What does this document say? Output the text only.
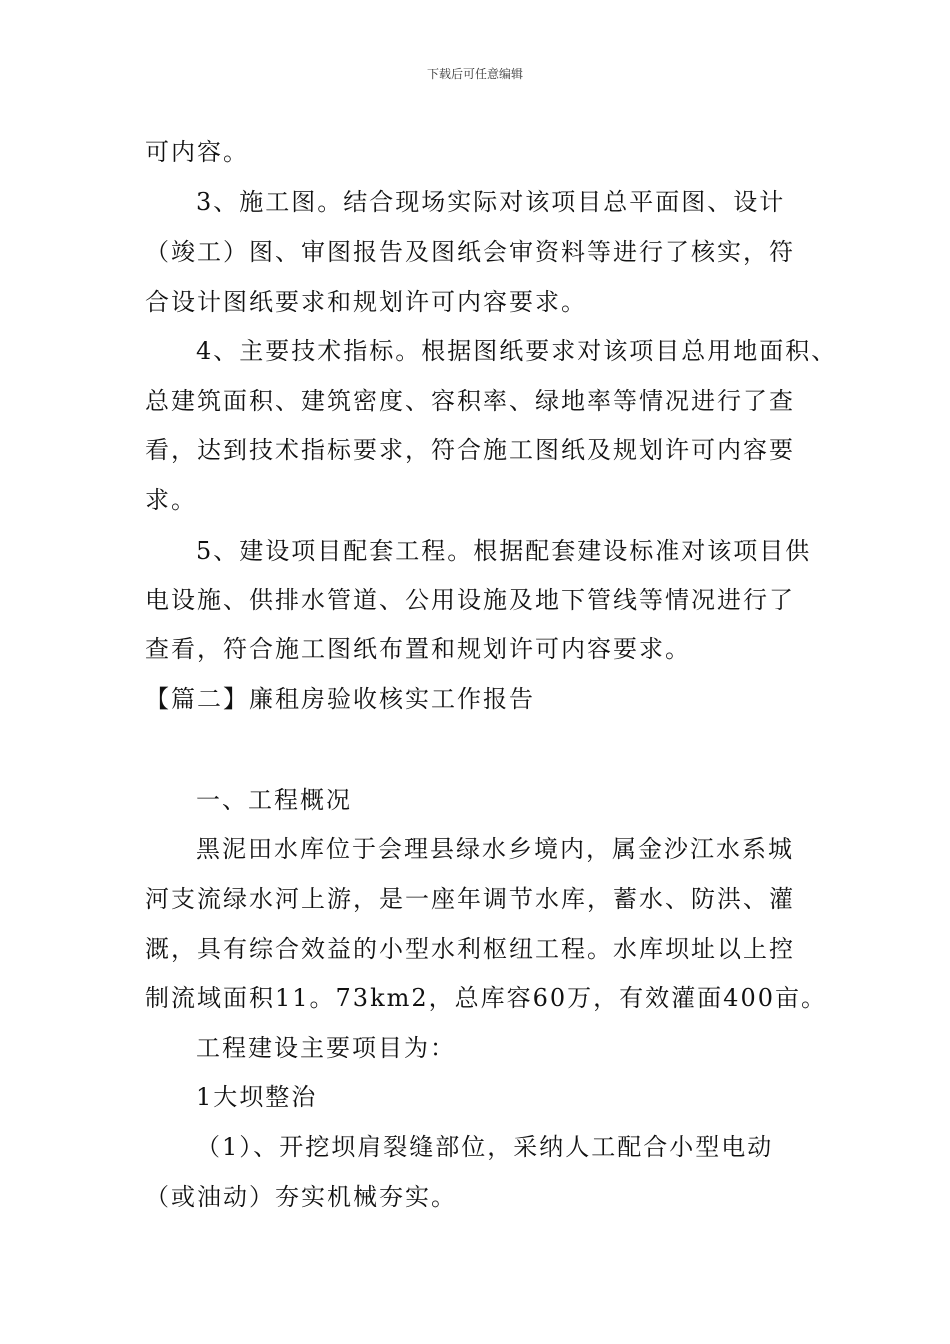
下载后可任意编辑
可内容。
3、施工图。结合现场实际对该项目总平面图、设计
（竣工）图、审图报告及图纸会审资料等进行了核实，符
合设计图纸要求和规划许可内容要求。
4、主要技术指标。根据图纸要求对该项目总用地面积、
总建筑面积、建筑密度、容积率、绿地率等情况进行了查
看，达到技术指标要求，符合施工图纸及规划许可内容要
求。
5、建设项目配套工程。根据配套建设标准对该项目供
电设施、供排水管道、公用设施及地下管线等情况进行了
查看，符合施工图纸布置和规划许可内容要求。
【篇二】廉租房验收核实工作报告
一、工程概况
黑泥田水库位于会理县绿水乡境内，属金沙江水系城
河支流绿水河上游，是一座年调节水库，蓄水、防洪、灌
溉，具有综合效益的小型水利枢纽工程。水库坝址以上控
制流域面积11。73km2，总库容60万，有效灌面400亩。
工程建设主要项目为：
1大坝整治
（1）、开挖坝肩裂缝部位，采纳人工配合小型电动
（或油动）夯实机械夯实。
